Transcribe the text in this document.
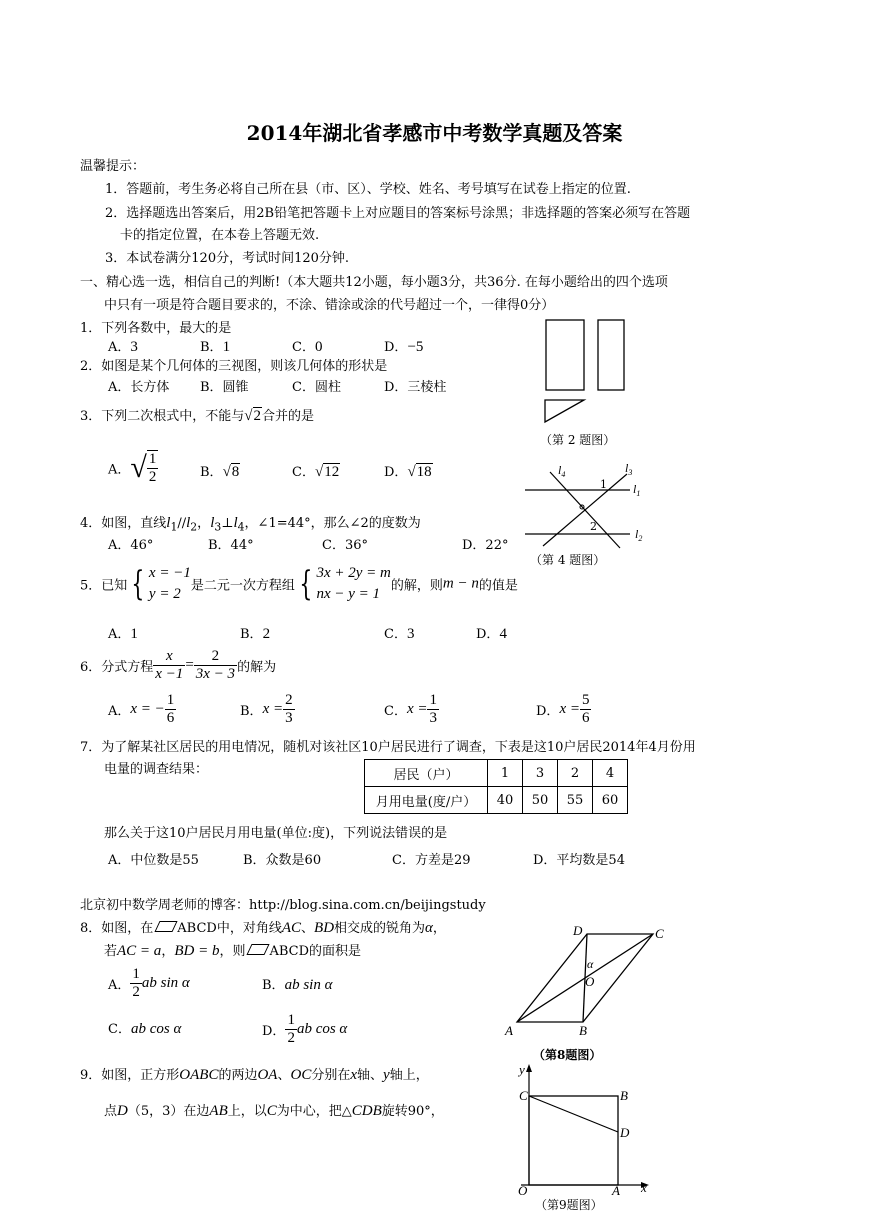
2014年湖北省孝感市中考数学真题及答案
温馨提示：
1．答题前，考生务必将自己所在县（市、区）、学校、姓名、考号填写在试卷上指定的位置.
2．选择题选出答案后，用2B铅笔把答题卡上对应题目的答案标号涂黑；非选择题的答案必须写在答题
卡的指定位置，在本卷上答题无效.
3．本试卷满分120分，考试时间120分钟.
一、精心选一选，相信自己的判断!（本大题共12小题，每小题3分，共36分. 在每小题给出的四个选项
中只有一项是符合题目要求的，不涂、错涂或涂的代号超过一个，一律得0分）
1．下列各数中，最大的是
A．3	B．1	C．0	D．−5
2．如图是某个几何体的三视图，则该几何体的形状是
A．长方体 B．圆锥	C．圆柱	D．三棱柱
（第 2 题图）
3．下列二次根式中，不能与√2合并的是
A．√ $\frac{1}{2}$	B．√8	C．√12	D．√18	$l_4$	$l_3$
$l_1$
$l_2$
1
2
（第 4 题图）
4．如图，直线$l_1//l_2$，$l_3\perp l_4$，∠1=44°，那么∠2的度数为
A．46°	B．44°	C．36°	D．22°
5．已知 { x = −1
y = 2 是二元一次方程组 { 3x + 2y = m
nx − y = 1 的解，则m − n的值是
A．1	B．2	C．3	D．4
6．分式方程 $\frac{x}{x -1} = \frac{2}{3x - 3}$ 的解为
A．x = − $\frac{1}{6}$	B．$x = \frac{2}{3}$	C．$x = \frac{1}{3}$	D．$x = \frac{5}{6}$
7．为了解某社区居民的用电情况，随机对该社区10户居民进行了调查，下表是这10户居民2014年4月份用
电量的调查结果：	居民（户）	1	3	2	4
月用电量(度/户）	40	50	55	60
那么关于这10户居民月用电量(单位:度)，下列说法错误的是
A．中位数是55	B．众数是60	C．方差是29	D．平均数是54
北京初中数学周老师的博客：http://blog.sina.com.cn/beijingstudy
8．如图，在 ABCD中，对角线AC、BD相交成的锐角为α，
若AC = a，BD = b，则 ABCD的面积是
A． $\frac{1}{2}$ ab sin α	B．ab sin α
C．ab cos α	D． $\frac{1}{2}$ ab cos α	A	B
C
D
O
α
（第8题图）
9．如图，正方形OABC的两边OA、OC分别在x轴、y轴上，
点D（5，3）在边AB上，以C为中心，把△CDB旋转90°，
y
x
C	B
D
O	A
（第9题图）
